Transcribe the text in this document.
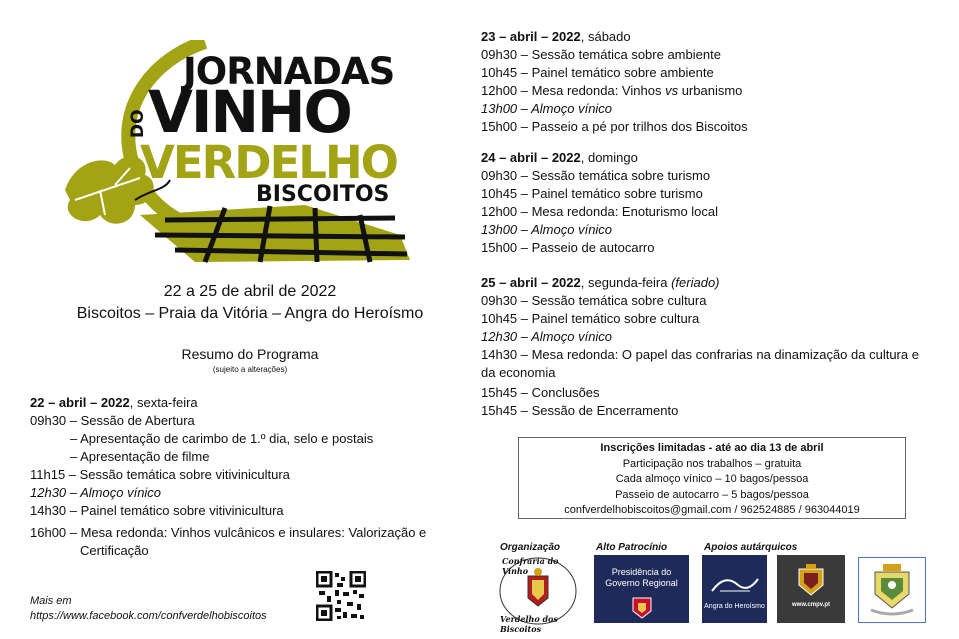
JORNADAS
DO VINHO
VERDELHO
BISCOITOS
22 a 25 de abril de 2022
Biscoitos – Praia da Vitória – Angra do Heroísmo
Resumo do Programa
(sujeito a alterações)
22 – abril – 2022, sexta-feira
09h30 – Sessão de Abertura
– Apresentação de carimbo de 1.º dia, selo e postais
– Apresentação de filme
11h15 – Sessão temática sobre vitivinicultura
12h30 – Almoço vínico
14h30 – Painel temático sobre vitivinicultura
16h00 – Mesa redonda: Vinhos vulcânicos e insulares: Valorização e
Certificação
Mais em
https://www.facebook.com/confverdelhobiscoitos
23 – abril – 2022, sábado
09h30 – Sessão temática sobre ambiente
10h45 – Painel temático sobre ambiente
12h00 – Mesa redonda: Vinhos vs urbanismo
13h00 – Almoço vínico
15h00 – Passeio a pé por trilhos dos Biscoitos
24 – abril – 2022, domingo
09h30 – Sessão temática sobre turismo
10h45 – Painel temático sobre turismo
12h00 – Mesa redonda: Enoturismo local
13h00 – Almoço vínico
15h00 – Passeio de autocarro
25 – abril – 2022, segunda-feira (feriado)
09h30 – Sessão temática sobre cultura
10h45 – Painel temático sobre cultura
12h30 – Almoço vínico
14h30 – Mesa redonda: O papel das confrarias na dinamização da cultura e
da economia
15h45 – Conclusões
15h45 – Sessão de Encerramento
Inscrições limitadas - até ao dia 13 de abril
Participação nos trabalhos – gratuita
Cada almoço vínico – 10 bagos/pessoa
Passeio de autocarro – 5 bagos/pessoa
confverdelhobiscoitos@gmail.com / 962524885 / 963044019
Organização	Alto Patrocínio	Apoios autárquicos
Confraria do Vinho
Verdelho dos Biscoitos
Presidência do
Governo Regional
Angra do Heroísmo	www.cmpv.pt
